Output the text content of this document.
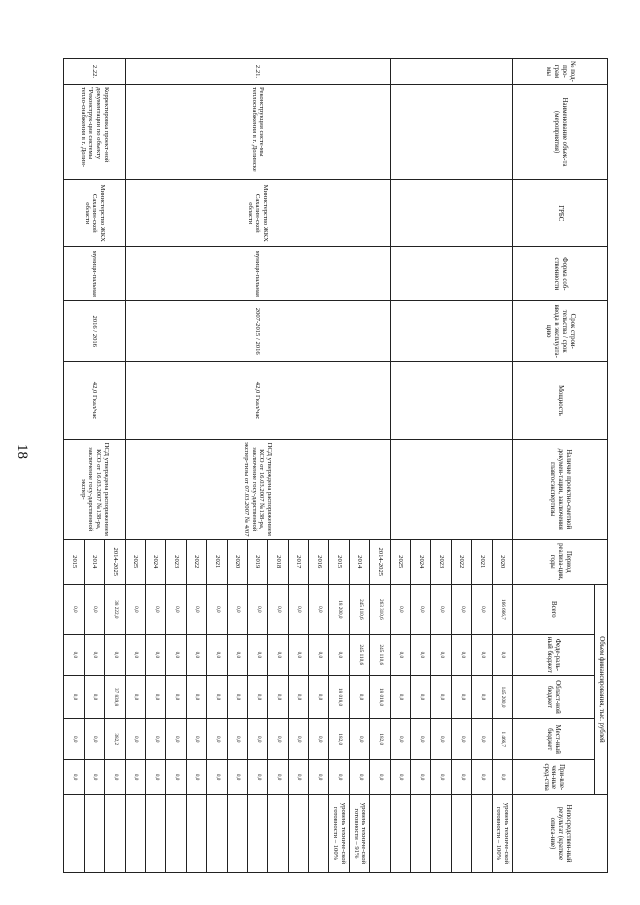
18
№ под-про-грам мы	Наименование объек-та (мероприятия)	ГРБС	Форма соб-ственности	Срок строи-тельства / срок ввода в эксплуата-цию	Мощность	Наличие проектно-сметной докумен-тации, заключения главгосэкспертизы	Период реализа-ции, годы	Объем финансирования, тыс. рублей					Непосредствен-ный результат (краткое описа-ние)
								Всего	Феде-раль-ный бюджет	Област-ной бюджет	Мест-ный бюджет	При-вле-чен-ные сред-ства	
							2020	166 666,7	0,0	145 200,0	1 466,7	0,0	уровень техниче-ской готовности – 100%
							2021	0,0	0,0	0,0	0,0	0,0	
							2022	0,0	0,0	0,0	0,0	0,0	
							2023	0,0	0,0	0,0	0,0	0,0	
							2024	0,0	0,0	0,0	0,0	0,0	
							2025	0,0	0,0	0,0	0,0	0,0	
2.21.	Реконструкция систе-мы теплоснабжения в г. Долинске	Министерство ЖКХ Сахалин-ской области	муници-пальная	2007-2015 / 2016	42,0 Гкал/час	ПСД утверждена распоряжением КСО от 16.03.2007 №138-ра, заключение госу-дарственной экспер-тизы от 07.03.2007 № 4/07	2014-2025	263 310,6	245 110,6	18 018,0	182,0	0,0	
							2014	245 110,6	245 110,6	0,0	0,0	0,0	уровень техниче-ской готовности – 91%
							2015	18 200,0	0,0	18 018,0	182,0	0,0	уровень техниче-ской готовности – 100%
							2016	0,0	0,0	0,0	0,0	0,0	
							2017	0,0	0,0	0,0	0,0	0,0	
							2018	0,0	0,0	0,0	0,0	0,0	
							2019	0,0	0,0	0,0	0,0	0,0	
							2020	0,0	0,0	0,0	0,0	0,0	
							2021	0,0	0,0	0,0	0,0	0,0	
							2022	0,0	0,0	0,0	0,0	0,0	
							2023	0,0	0,0	0,0	0,0	0,0	
							2024	0,0	0,0	0,0	0,0	0,0	
							2025	0,0	0,0	0,0	0,0	0,0	
2.22.	Корректировка проект-ной документации по объекту "Реконструк-ция системы тепло-снабжения в г. Долин-	Министерство ЖКХ Сахалин-ской области	муници-пальная	2016 / 2016	42,0 Гкал/час	ПСД утверждена распоряжением КСО от 16.03.2007 №138-ра, заключение госу-дарственной экспер-	2014-2025	38 222,0	0,0	37 839,8	382,2	0,0	
							2014	0,0	0,0	0,0	0,0	0,0	
							2015	0,0	0,0	0,0	0,0	0,0	
